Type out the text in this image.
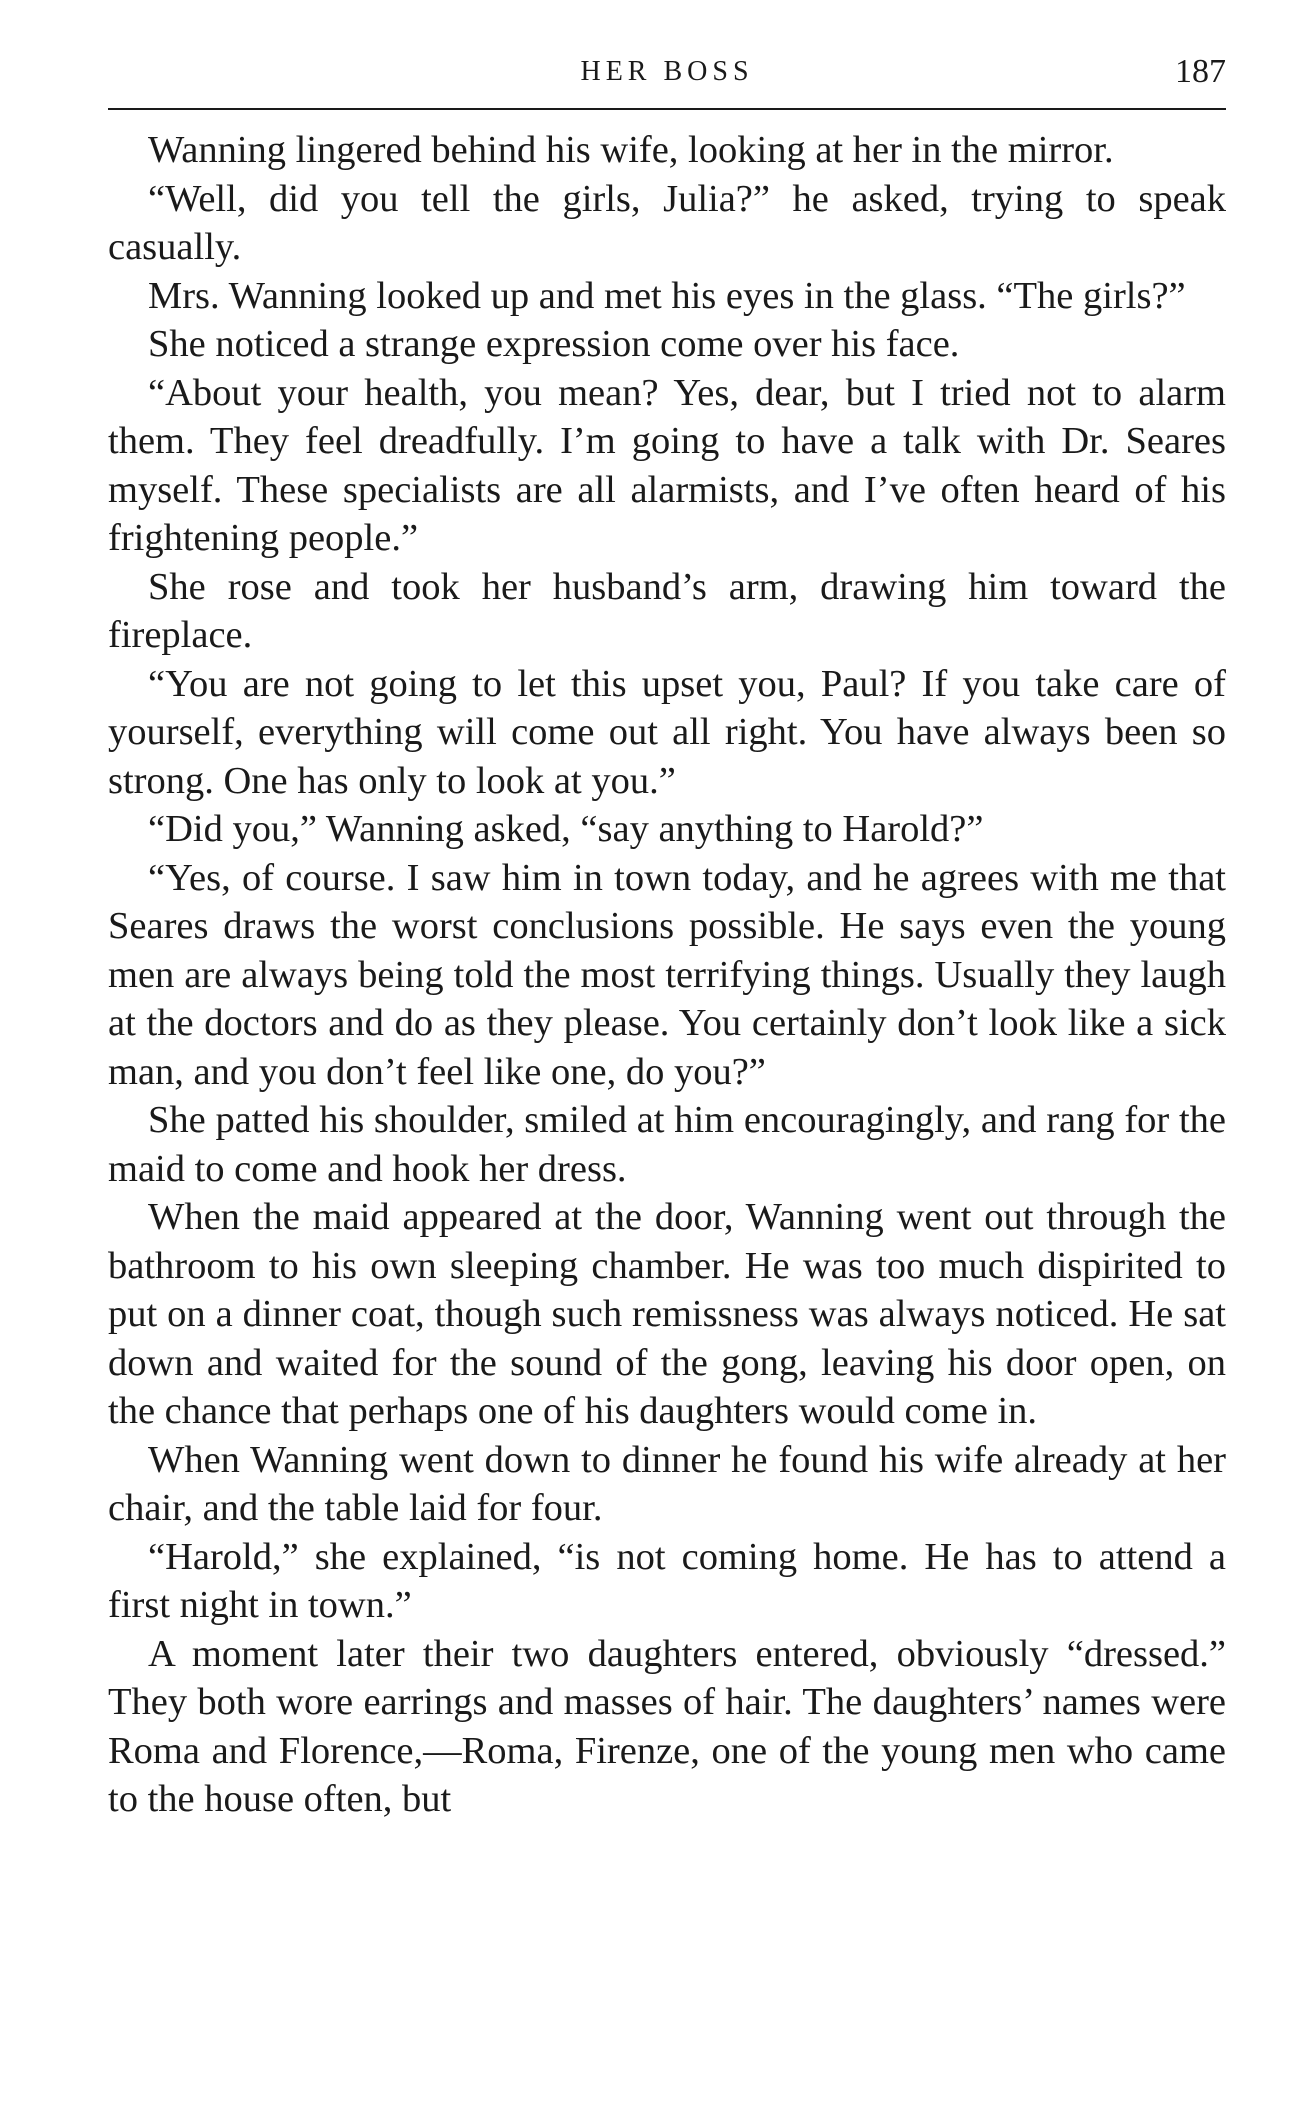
HER BOSS	187

Wanning lingered behind his wife, looking at her in the mirror.

“Well, did you tell the girls, Julia?” he asked, trying to speak casually.

Mrs. Wanning looked up and met his eyes in the glass. “The girls?”

She noticed a strange expression come over his face.

“About your health, you mean? Yes, dear, but I tried not to alarm them. They feel dreadfully. I’m going to have a talk with Dr. Seares myself. These specialists are all alarmists, and I’ve often heard of his frightening people.”

She rose and took her husband’s arm, drawing him toward the fireplace.

“You are not going to let this upset you, Paul? If you take care of yourself, everything will come out all right. You have always been so strong. One has only to look at you.”

“Did you,” Wanning asked, “say anything to Harold?”

“Yes, of course. I saw him in town today, and he agrees with me that Seares draws the worst conclusions possible. He says even the young men are always being told the most terrifying things. Usually they laugh at the doctors and do as they please. You certainly don’t look like a sick man, and you don’t feel like one, do you?”

She patted his shoulder, smiled at him encouragingly, and rang for the maid to come and hook her dress.

When the maid appeared at the door, Wanning went out through the bathroom to his own sleeping chamber. He was too much dispirited to put on a dinner coat, though such remissness was always noticed. He sat down and waited for the sound of the gong, leaving his door open, on the chance that perhaps one of his daughters would come in.

When Wanning went down to dinner he found his wife already at her chair, and the table laid for four.

“Harold,” she explained, “is not coming home. He has to attend a first night in town.”

A moment later their two daughters entered, obviously “dressed.” They both wore earrings and masses of hair. The daughters’ names were Roma and Florence,—Roma, Firenze, one of the young men who came to the house often, but
